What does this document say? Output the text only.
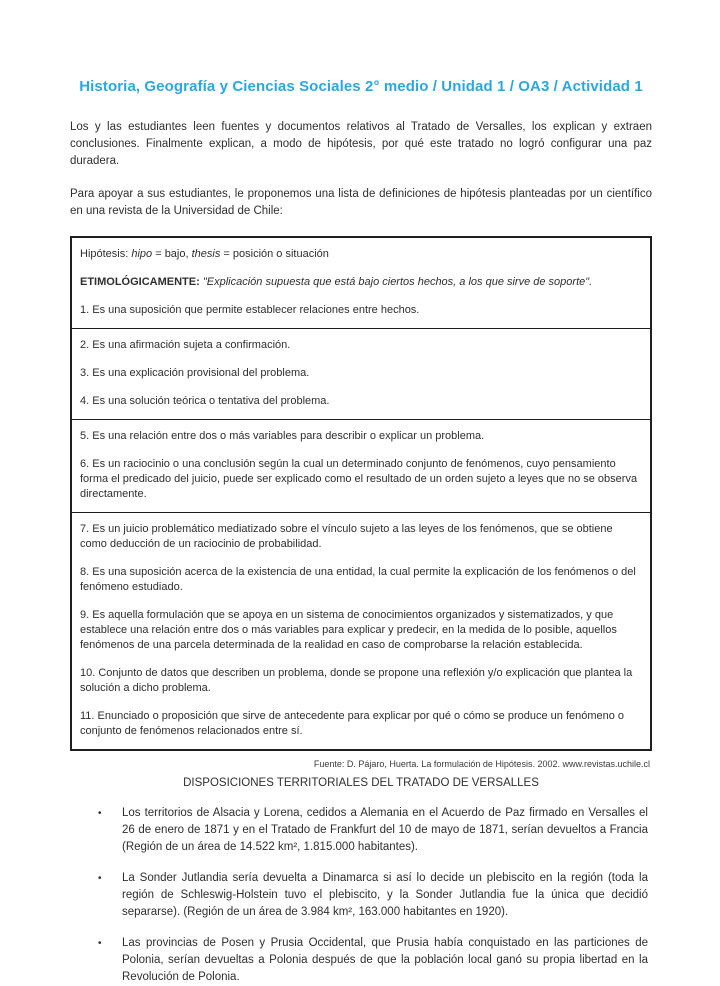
Historia, Geografía y Ciencias Sociales 2° medio / Unidad 1 / OA3 / Actividad 1

Los y las estudiantes leen fuentes y documentos relativos al Tratado de Versalles, los explican y extraen conclusiones. Finalmente explican, a modo de hipótesis, por qué este tratado no logró configurar una paz duradera.

Para apoyar a sus estudiantes, le proponemos una lista de definiciones de hipótesis planteadas por un científico en una revista de la Universidad de Chile:

Hipótesis: hipo = bajo, thesis = posición o situación

ETIMOLÓGICAMENTE: "Explicación supuesta que está bajo ciertos hechos, a los que sirve de soporte".

1. Es una suposición que permite establecer relaciones entre hechos.

2. Es una afirmación sujeta a confirmación.

3. Es una explicación provisional del problema.

4. Es una solución teórica o tentativa del problema.

5. Es una relación entre dos o más variables para describir o explicar un problema.

6. Es un raciocinio o una conclusión según la cual un determinado conjunto de fenómenos, cuyo pensamiento forma el predicado del juicio, puede ser explicado como el resultado de un orden sujeto a leyes que no se observa directamente.

7. Es un juicio problemático mediatizado sobre el vínculo sujeto a las leyes de los fenómenos, que se obtiene como deducción de un raciocinio de probabilidad.

8. Es una suposición acerca de la existencia de una entidad, la cual permite la explicación de los fenómenos o del fenómeno estudiado.

9. Es aquella formulación que se apoya en un sistema de conocimientos organizados y sistematizados, y que establece una relación entre dos o más variables para explicar y predecir, en la medida de lo posible, aquellos fenómenos de una parcela determinada de la realidad en caso de comprobarse la relación establecida.

10. Conjunto de datos que describen un problema, donde se propone una reflexión y/o explicación que plantea la solución a dicho problema.

11. Enunciado o proposición que sirve de antecedente para explicar por qué o cómo se produce un fenómeno o conjunto de fenómenos relacionados entre sí.

Fuente: D. Pájaro, Huerta. La formulación de Hipótesis. 2002. www.revistas.uchile.cl

DISPOSICIONES TERRITORIALES DEL TRATADO DE VERSALLES
• Los territorios de Alsacia y Lorena, cedidos a Alemania en el Acuerdo de Paz firmado en Versalles el 26 de enero de 1871 y en el Tratado de Frankfurt del 10 de mayo de 1871, serían devueltos a Francia (Región de un área de 14.522 km², 1.815.000 habitantes).
• La Sonder Jutlandia sería devuelta a Dinamarca si así lo decide un plebiscito en la región (toda la región de Schleswig-Holstein tuvo el plebiscito, y la Sonder Jutlandia fue la única que decidió separarse). (Región de un área de 3.984 km², 163.000 habitantes en 1920).
• Las provincias de Posen y Prusia Occidental, que Prusia había conquistado en las particiones de Polonia, serían devueltas a Polonia después de que la población local ganó su propia libertad en la Revolución de Polonia.
